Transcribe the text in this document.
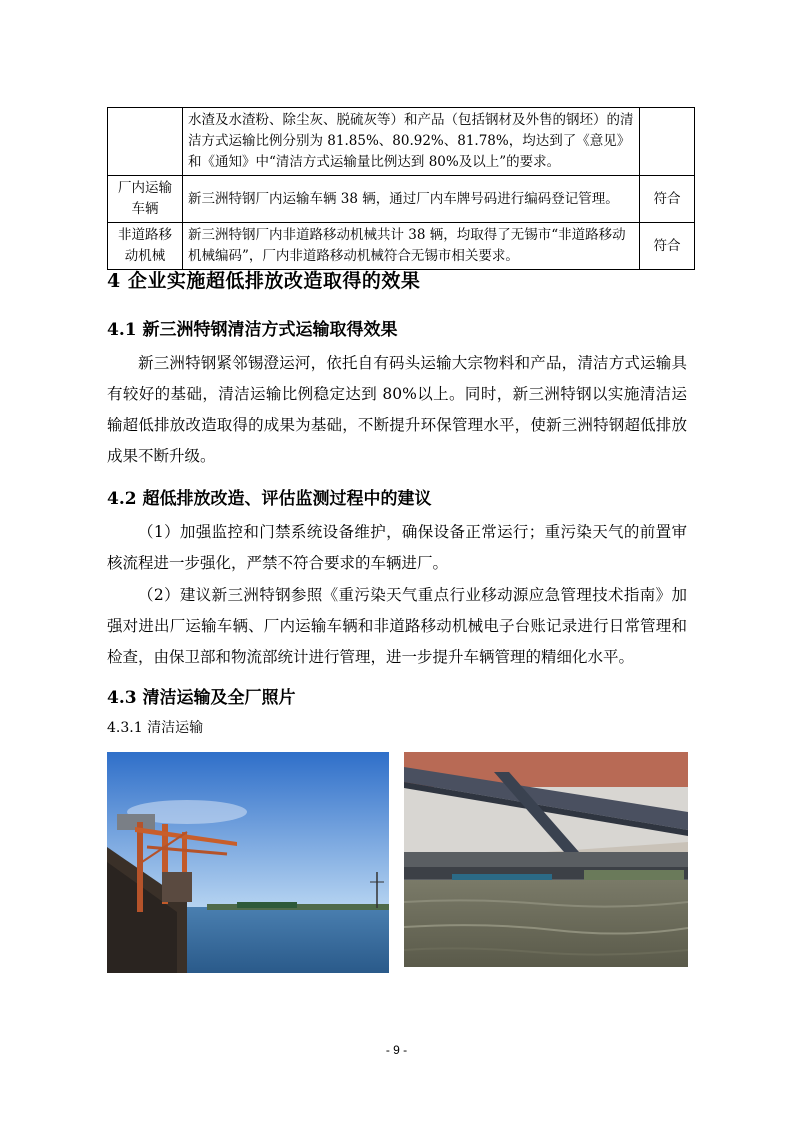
	水渣及水渣粉、除尘灰、脱硫灰等）和产品（包括钢材及外售的钢坯）的清洁方式运输比例分别为 81.85%、80.92%、81.78%，均达到了《意见》和《通知》中“清洁方式运输量比例达到 80%及以上”的要求。	
厂内运输车辆	新三洲特钢厂内运输车辆 38 辆，通过厂内车牌号码进行编码登记管理。	符合
非道路移动机械	新三洲特钢厂内非道路移动机械共计 38 辆，均取得了无锡市“非道路移动机械编码”，厂内非道路移动机械符合无锡市相关要求。	符合
4 企业实施超低排放改造取得的效果
4.1 新三洲特钢清洁方式运输取得效果

新三洲特钢紧邻锡澄运河，依托自有码头运输大宗物料和产品，清洁方式运输具有较好的基础，清洁运输比例稳定达到 80%以上。同时，新三洲特钢以实施清洁运输超低排放改造取得的成果为基础，不断提升环保管理水平，使新三洲特钢超低排放成果不断升级。

4.2 超低排放改造、评估监测过程中的建议

（1）加强监控和门禁系统设备维护，确保设备正常运行；重污染天气的前置审核流程进一步强化，严禁不符合要求的车辆进厂。

（2）建议新三洲特钢参照《重污染天气重点行业移动源应急管理技术指南》加强对进出厂运输车辆、厂内运输车辆和非道路移动机械电子台账记录进行日常管理和检查，由保卫部和物流部统计进行管理，进一步提升车辆管理的精细化水平。

4.3 清洁运输及全厂照片
4.3.1 清洁运输
- 9 -
